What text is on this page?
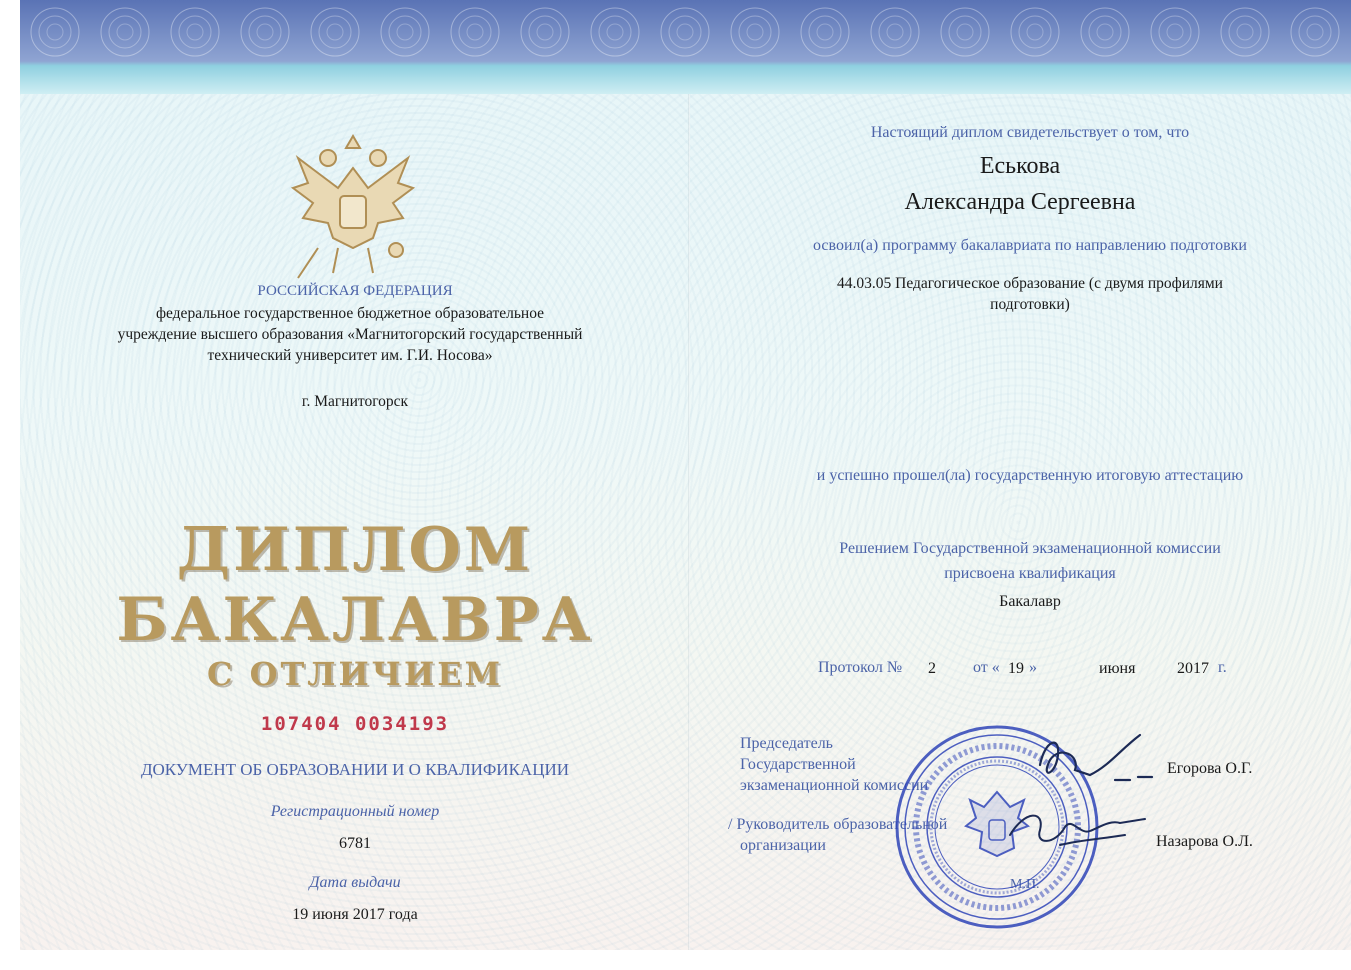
РОССИЙСКАЯ ФЕДЕРАЦИЯ
федеральное государственное бюджетное образовательное
учреждение высшего образования «Магнитогорский государственный
технический университет им. Г.И. Носова»
г. Магнитогорск
ДИПЛОМ
БАКАЛАВРА
С ОТЛИЧИЕМ
107404 0034193
ДОКУМЕНТ ОБ ОБРАЗОВАНИИ И О КВАЛИФИКАЦИИ
Регистрационный номер
6781
Дата выдачи
19 июня 2017 года
Настоящий диплом свидетельствует о том, что
Еськова
Александра Сергеевна
освоил(а) программу бакалавриата по направлению подготовки
44.03.05 Педагогическое образование (с двумя профилями
подготовки)
и успешно прошел(ла) государственную итоговую аттестацию
Решением Государственной экзаменационной комиссии
присвоена квалификация
Бакалавр
Протокол № 2 от « 19 »	июня	2017 г.
Председатель
Государственной
экзаменационной комиссии
Егорова О.Г.
/ Руководитель образовательной
организации	Назарова О.Л.
М.П.
